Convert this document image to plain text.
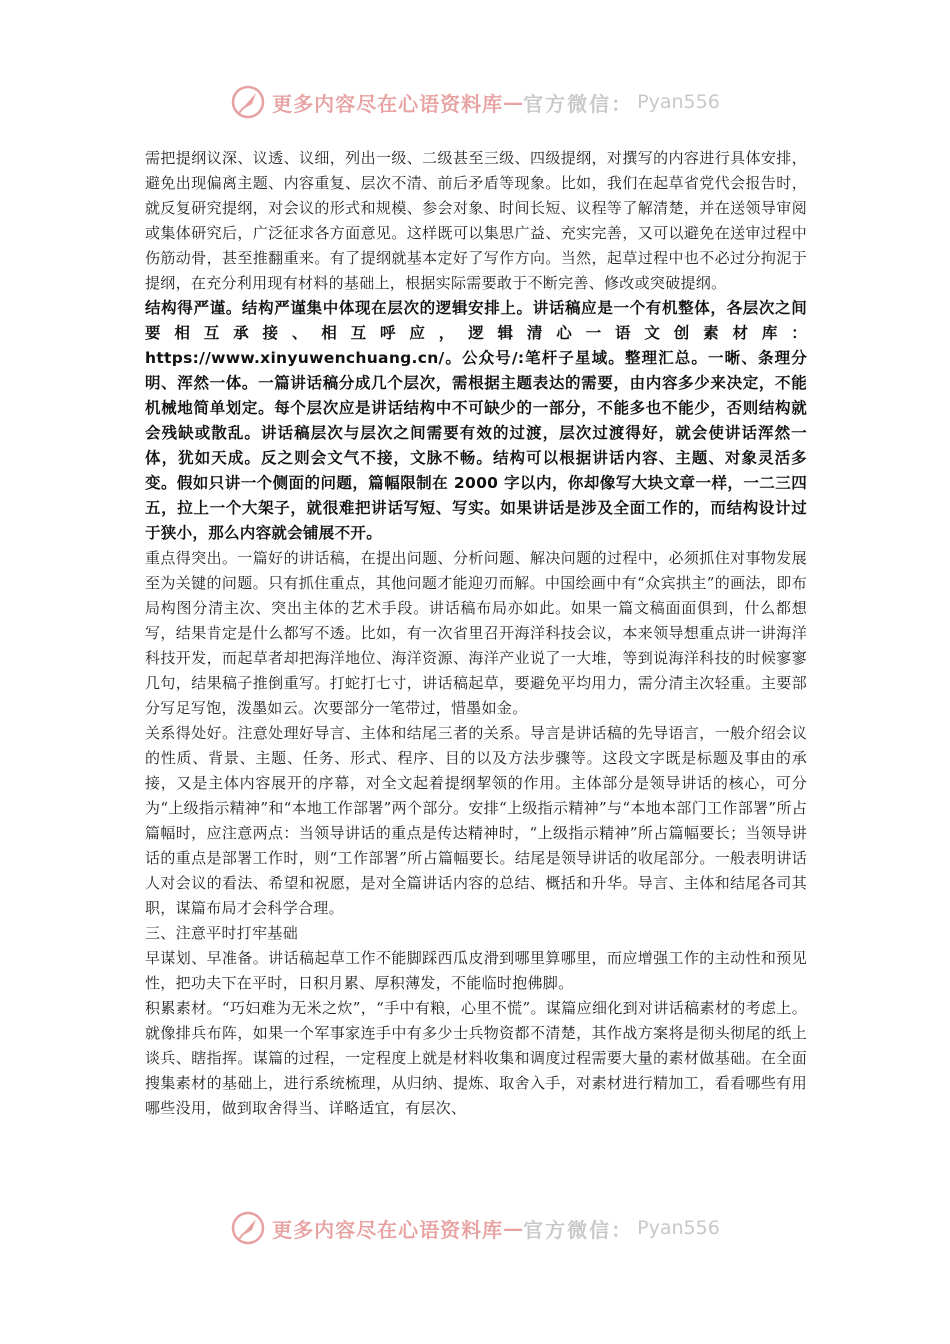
更多内容尽在心语资料库 — 官方微信： Pyan556

需把提纲议深、议透、议细，列出一级、二级甚至三级、四级提纲，对撰写的内容进行具体安排，避免出现偏离主题、内容重复、层次不清、前后矛盾等现象。比如，我们在起草省党代会报告时，就反复研究提纲，对会议的形式和规模、参会对象、时间长短、议程等了解清楚，并在送领导审阅或集体研究后，广泛征求各方面意见。这样既可以集思广益、充实完善，又可以避免在送审过程中伤筋动骨，甚至推翻重来。有了提纲就基本定好了写作方向。当然，起草过程中也不必过分拘泥于提纲，在充分利用现有材料的基础上，根据实际需要敢于不断完善、修改或突破提纲。

结构得严谨。结构严谨集中体现在层次的逻辑安排上。讲话稿应是一个有机整体，各层次之间要相互承接、相互呼应，逻辑清心一语文创素材库：https://www.xinyuwenchuang.cn/。公众号/:笔杆子星域。整理汇总。一晰、条理分明、浑然一体。一篇讲话稿分成几个层次，需根据主题表达的需要，由内容多少来决定，不能机械地简单划定。每个层次应是讲话结构中不可缺少的一部分，不能多也不能少，否则结构就会残缺或散乱。讲话稿层次与层次之间需要有效的过渡，层次过渡得好，就会使讲话浑然一体，犹如天成。反之则会文气不接，文脉不畅。结构可以根据讲话内容、主题、对象灵活多变。假如只讲一个侧面的问题，篇幅限制在 2000 字以内，你却像写大块文章一样，一二三四五，拉上一个大架子，就很难把讲话写短、写实。如果讲话是涉及全面工作的，而结构设计过于狭小，那么内容就会铺展不开。

重点得突出。一篇好的讲话稿，在提出问题、分析问题、解决问题的过程中，必须抓住对事物发展至为关键的问题。只有抓住重点，其他问题才能迎刃而解。中国绘画中有“众宾拱主”的画法，即布局构图分清主次、突出主体的艺术手段。讲话稿布局亦如此。如果一篇文稿面面俱到，什么都想写，结果肯定是什么都写不透。比如，有一次省里召开海洋科技会议，本来领导想重点讲一讲海洋科技开发，而起草者却把海洋地位、海洋资源、海洋产业说了一大堆，等到说海洋科技的时候寥寥几句，结果稿子推倒重写。打蛇打七寸，讲话稿起草，要避免平均用力，需分清主次轻重。主要部分写足写饱，泼墨如云。次要部分一笔带过，惜墨如金。

关系得处好。注意处理好导言、主体和结尾三者的关系。导言是讲话稿的先导语言，一般介绍会议的性质、背景、主题、任务、形式、程序、目的以及方法步骤等。这段文字既是标题及事由的承接，又是主体内容展开的序幕，对全文起着提纲挈领的作用。主体部分是领导讲话的核心，可分为“上级指示精神”和“本地工作部署”两个部分。安排“上级指示精神”与“本地本部门工作部署”所占篇幅时，应注意两点：当领导讲话的重点是传达精神时，“上级指示精神”所占篇幅要长；当领导讲话的重点是部署工作时，则“工作部署”所占篇幅要长。结尾是领导讲话的收尾部分。一般表明讲话人对会议的看法、希望和祝愿，是对全篇讲话内容的总结、概括和升华。导言、主体和结尾各司其职，谋篇布局才会科学合理。

三、注意平时打牢基础

早谋划、早准备。讲话稿起草工作不能脚踩西瓜皮滑到哪里算哪里，而应增强工作的主动性和预见性，把功夫下在平时，日积月累、厚积薄发，不能临时抱佛脚。

积累素材。“巧妇难为无米之炊”，“手中有粮，心里不慌”。谋篇应细化到对讲话稿素材的考虑上。就像排兵布阵，如果一个军事家连手中有多少士兵物资都不清楚，其作战方案将是彻头彻尾的纸上谈兵、瞎指挥。谋篇的过程，一定程度上就是材料收集和调度过程需要大量的素材做基础。在全面搜集素材的基础上，进行系统梳理，从归纳、提炼、取舍入手，对素材进行精加工，看看哪些有用哪些没用，做到取舍得当、详略适宜，有层次、

更多内容尽在心语资料库 — 官方微信： Pyan556
